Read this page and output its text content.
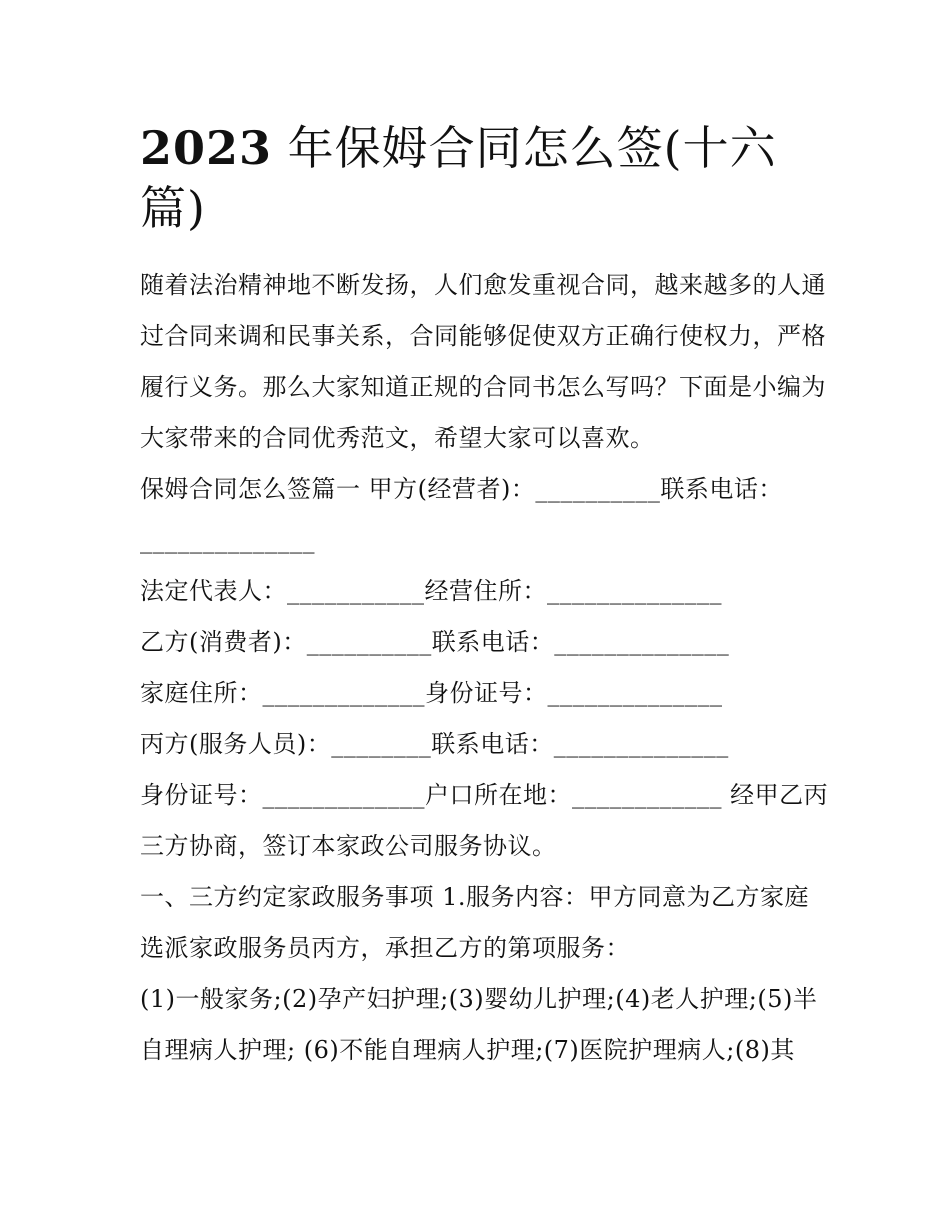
2023 年保姆合同怎么签(十六篇)

随着法治精神地不断发扬，人们愈发重视合同，越来越多的人通过合同来调和民事关系，合同能够促使双方正确行使权力，严格履行义务。那么大家知道正规的合同书怎么写吗？下面是小编为大家带来的合同优秀范文，希望大家可以喜欢。

保姆合同怎么签篇一 甲方(经营者)：__________联系电话：

______________

法定代表人：___________经营住所：______________

乙方(消费者)：__________联系电话：______________

家庭住所：_____________身份证号：______________

丙方(服务人员)：________联系电话：______________

身份证号：_____________户口所在地：____________ 经甲乙丙三方协商，签订本家政公司服务协议。

一、三方约定家政服务事项 1.服务内容：甲方同意为乙方家庭选派家政服务员丙方，承担乙方的第项服务：

(1)一般家务;(2)孕产妇护理;(3)婴幼儿护理;(4)老人护理;(5)半自理病人护理; (6)不能自理病人护理;(7)医院护理病人;(8)其
